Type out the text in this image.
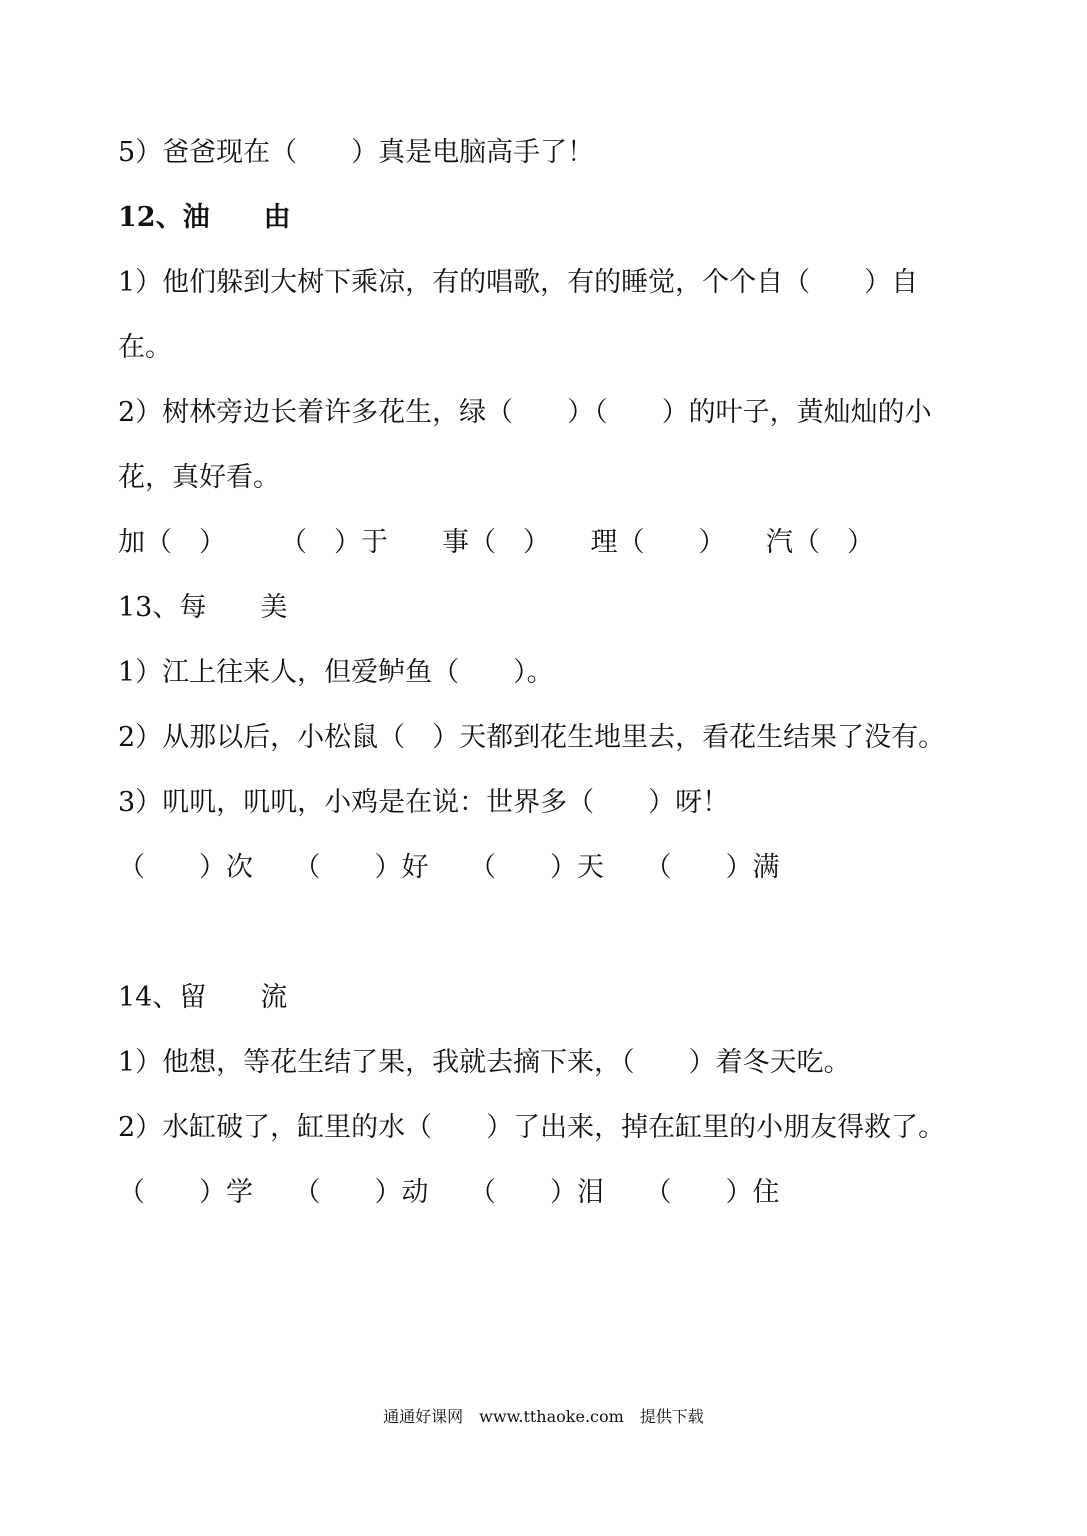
5）爸爸现在（　　）真是电脑高手了！
12、油　　由
1）他们躲到大树下乘凉，有的唱歌，有的睡觉，个个自（　　）自
在。
2）树林旁边长着许多花生，绿（　　）（　　）的叶子，黄灿灿的小
花，真好看。
加（　）　　　（　）于　　事（　）　　理（　　）　　汽（　）
13、每　　美
1）江上往来人，但爱鲈鱼（　　）。
2）从那以后，小松鼠（　）天都到花生地里去，看花生结果了没有。
3）叽叽，叽叽，小鸡是在说：世界多（　　）呀！
（　　）次　　（　　）好　　（　　）天　　（　　）满
14、留　　流
1）他想，等花生结了果，我就去摘下来，（　　）着冬天吃。
2）水缸破了，缸里的水（　　）了出来，掉在缸里的小朋友得救了。
（　　）学　　（　　）动　　（　　）泪　　（　　）住
通通好课网　www.tthaoke.com　提供下载
